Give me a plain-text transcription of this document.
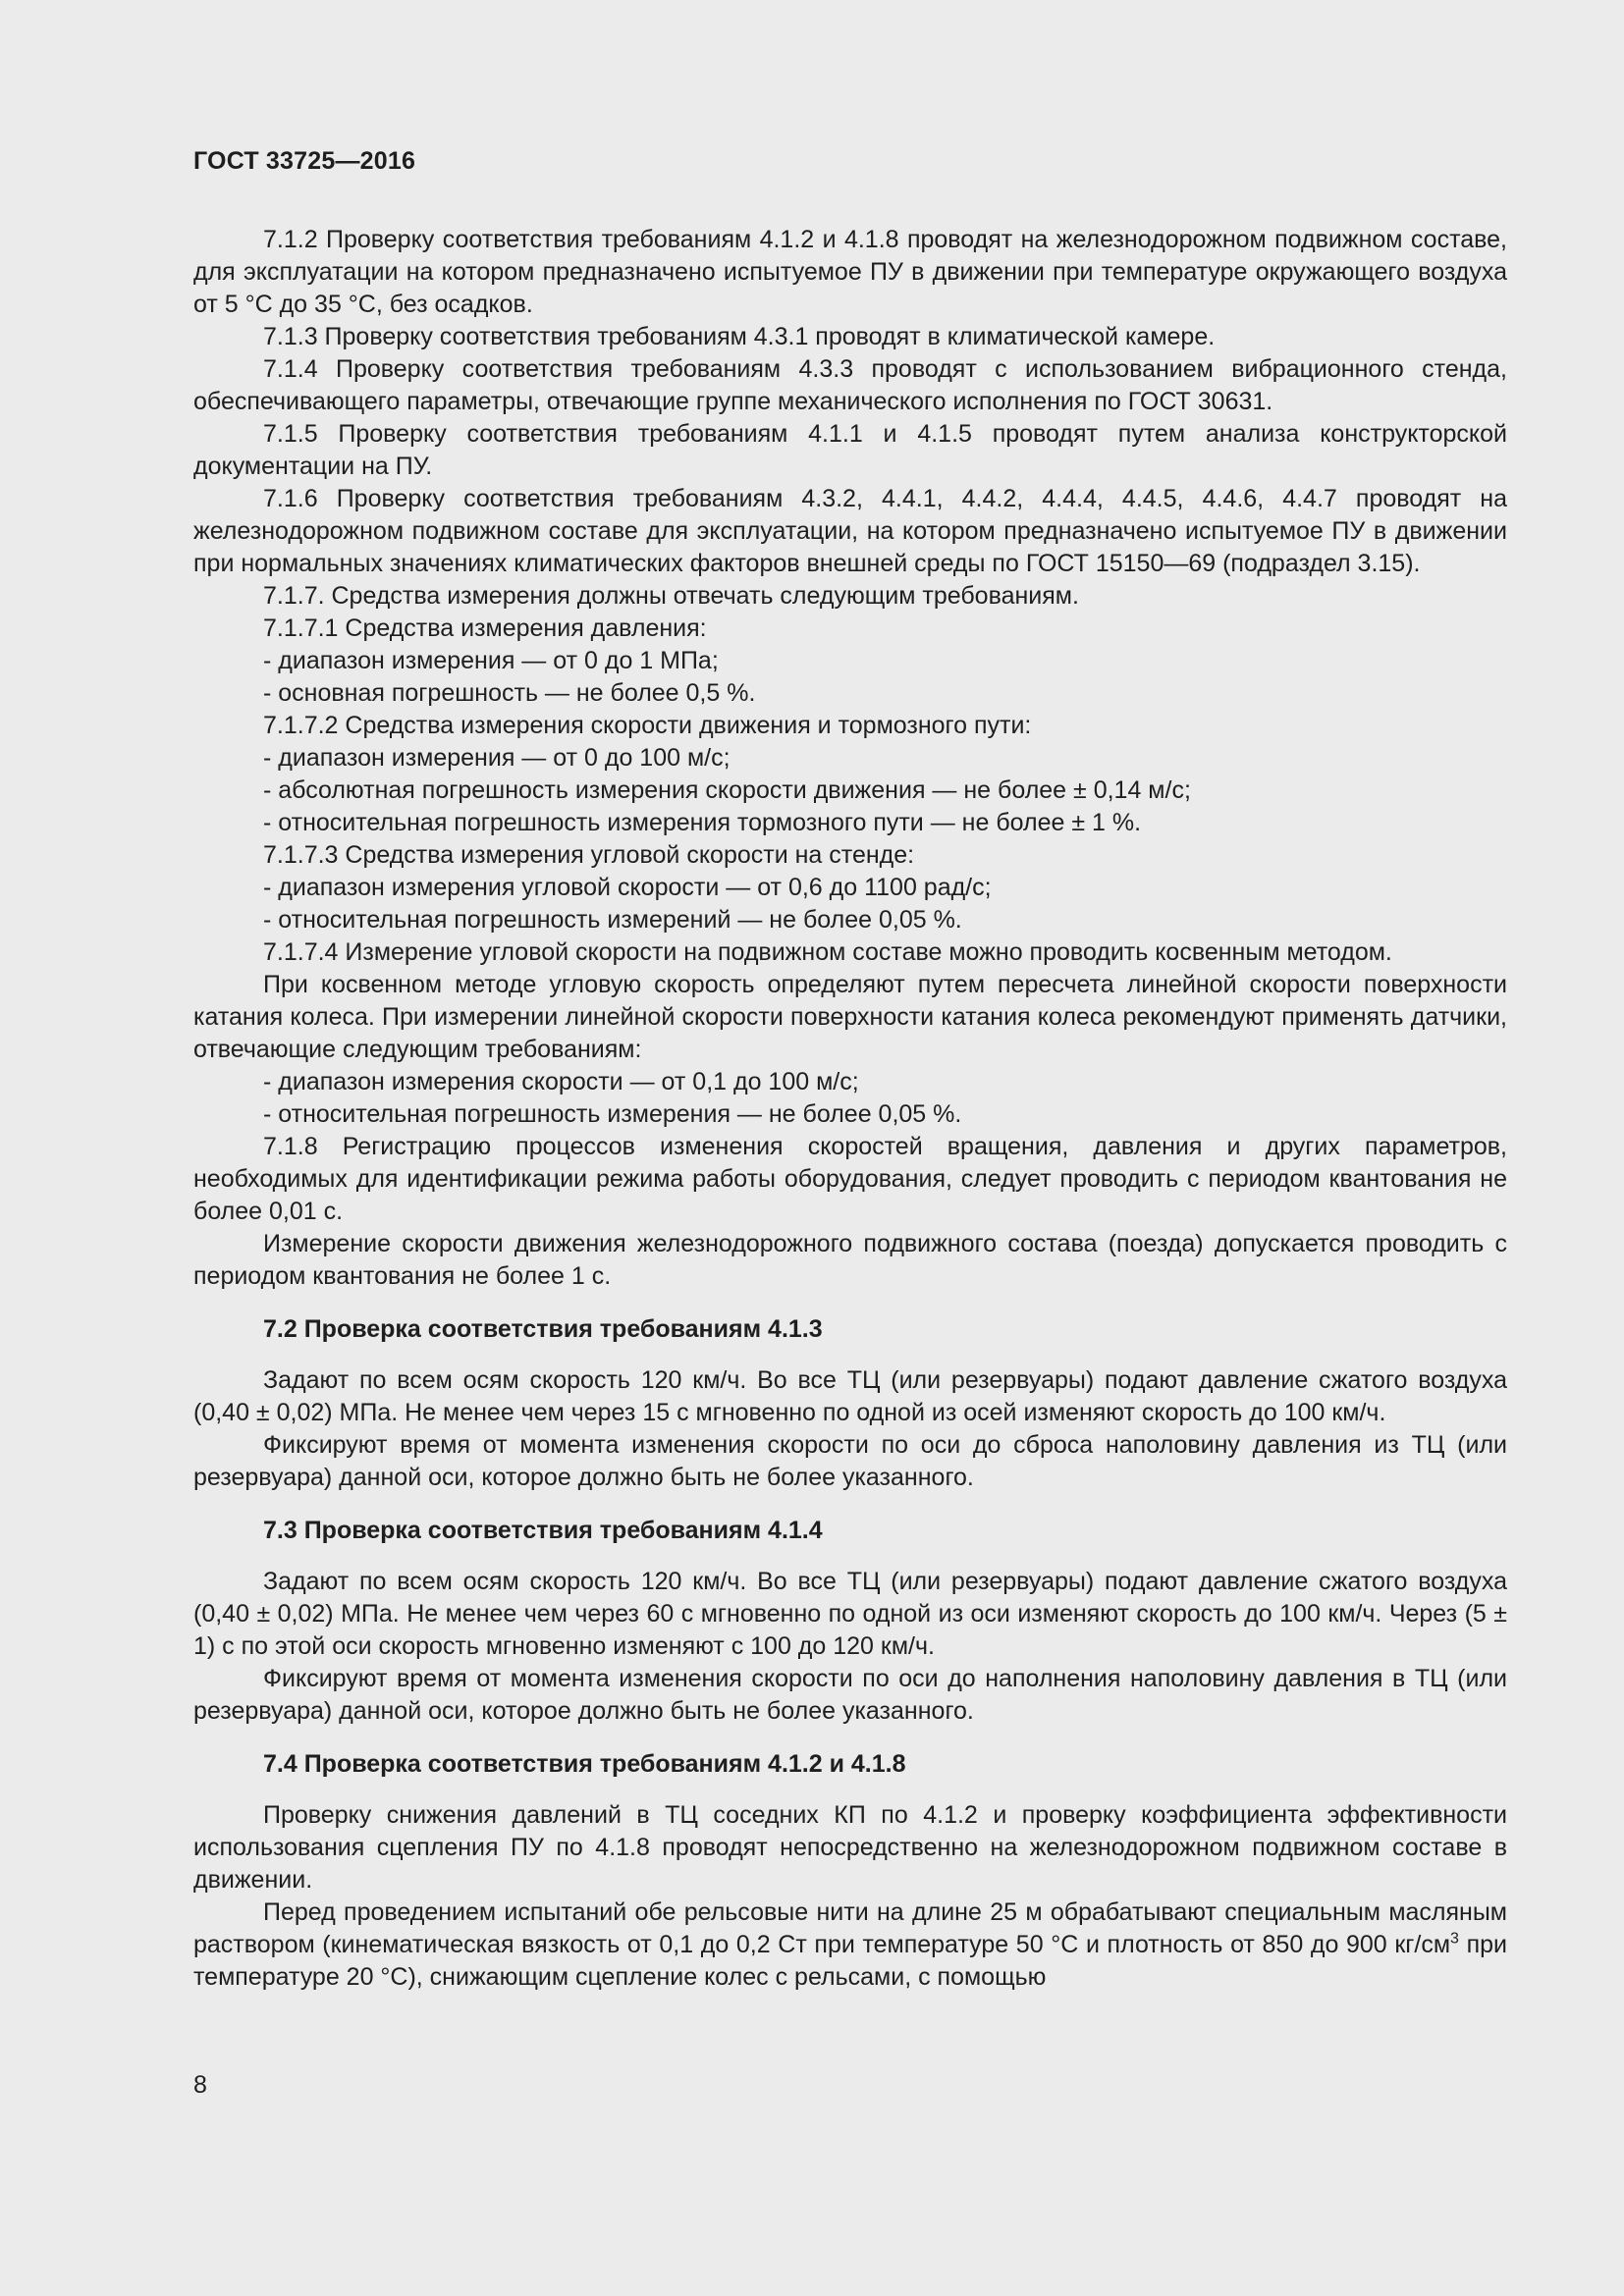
ГОСТ 33725—2016

7.1.2 Проверку соответствия требованиям 4.1.2 и 4.1.8 проводят на железнодорожном подвижном составе, для эксплуатации на котором предназначено испытуемое ПУ в движении при температуре окружающего воздуха от 5 °С до 35 °С, без осадков.

7.1.3 Проверку соответствия требованиям 4.3.1 проводят в климатической камере.

7.1.4 Проверку соответствия требованиям 4.3.3 проводят с использованием вибрационного стенда, обеспечивающего параметры, отвечающие группе механического исполнения по ГОСТ 30631.

7.1.5 Проверку соответствия требованиям 4.1.1 и 4.1.5 проводят путем анализа конструкторской документации на ПУ.

7.1.6 Проверку соответствия требованиям 4.3.2, 4.4.1, 4.4.2, 4.4.4, 4.4.5, 4.4.6, 4.4.7 проводят на железнодорожном подвижном составе для эксплуатации, на котором предназначено испытуемое ПУ в движении при нормальных значениях климатических факторов внешней среды по ГОСТ 15150—69 (подраздел 3.15).

7.1.7. Средства измерения должны отвечать следующим требованиям.

7.1.7.1 Средства измерения давления:

- диапазон измерения — от 0 до 1 МПа;

- основная погрешность — не более 0,5 %.

7.1.7.2 Средства измерения скорости движения и тормозного пути:

- диапазон измерения — от 0 до 100 м/с;

- абсолютная погрешность измерения скорости движения — не более ± 0,14 м/с;

- относительная погрешность измерения тормозного пути — не более ± 1 %.

7.1.7.3 Средства измерения угловой скорости на стенде:

- диапазон измерения угловой скорости — от 0,6 до 1100 рад/с;

- относительная погрешность измерений — не более 0,05 %.

7.1.7.4 Измерение угловой скорости на подвижном составе можно проводить косвенным методом.

При косвенном методе угловую скорость определяют путем пересчета линейной скорости поверхности катания колеса. При измерении линейной скорости поверхности катания колеса рекомендуют применять датчики, отвечающие следующим требованиям:

- диапазон измерения скорости — от 0,1 до 100 м/с;

- относительная погрешность измерения — не более 0,05 %.

7.1.8 Регистрацию процессов изменения скоростей вращения, давления и других параметров, необходимых для идентификации режима работы оборудования, следует проводить с периодом квантования не более 0,01 с.

Измерение скорости движения железнодорожного подвижного состава (поезда) допускается проводить с периодом квантования не более 1 с.

7.2 Проверка соответствия требованиям 4.1.3

Задают по всем осям скорость 120 км/ч. Во все ТЦ (или резервуары) подают давление сжатого воздуха (0,40 ± 0,02) МПа. Не менее чем через 15 с мгновенно по одной из осей изменяют скорость до 100 км/ч.

Фиксируют время от момента изменения скорости по оси до сброса наполовину давления из ТЦ (или резервуара) данной оси, которое должно быть не более указанного.

7.3 Проверка соответствия требованиям 4.1.4

Задают по всем осям скорость 120 км/ч. Во все ТЦ (или резервуары) подают давление сжатого воздуха (0,40 ± 0,02) МПа. Не менее чем через 60 с мгновенно по одной из оси изменяют скорость до 100 км/ч. Через (5 ± 1) с по этой оси скорость мгновенно изменяют с 100 до 120 км/ч.

Фиксируют время от момента изменения скорости по оси до наполнения наполовину давления в ТЦ (или резервуара) данной оси, которое должно быть не более указанного.

7.4 Проверка соответствия требованиям 4.1.2 и 4.1.8

Проверку снижения давлений в ТЦ соседних КП по 4.1.2 и проверку коэффициента эффективности использования сцепления ПУ по 4.1.8 проводят непосредственно на железнодорожном подвижном составе в движении.

Перед проведением испытаний обе рельсовые нити на длине 25 м обрабатывают специальным масляным раствором (кинематическая вязкость от 0,1 до 0,2 Ст при температуре 50 °С и плотность от 850 до 900 $кг/см^3$ при температуре 20 °С), снижающим сцепление колес с рельсами, с помощью

8
